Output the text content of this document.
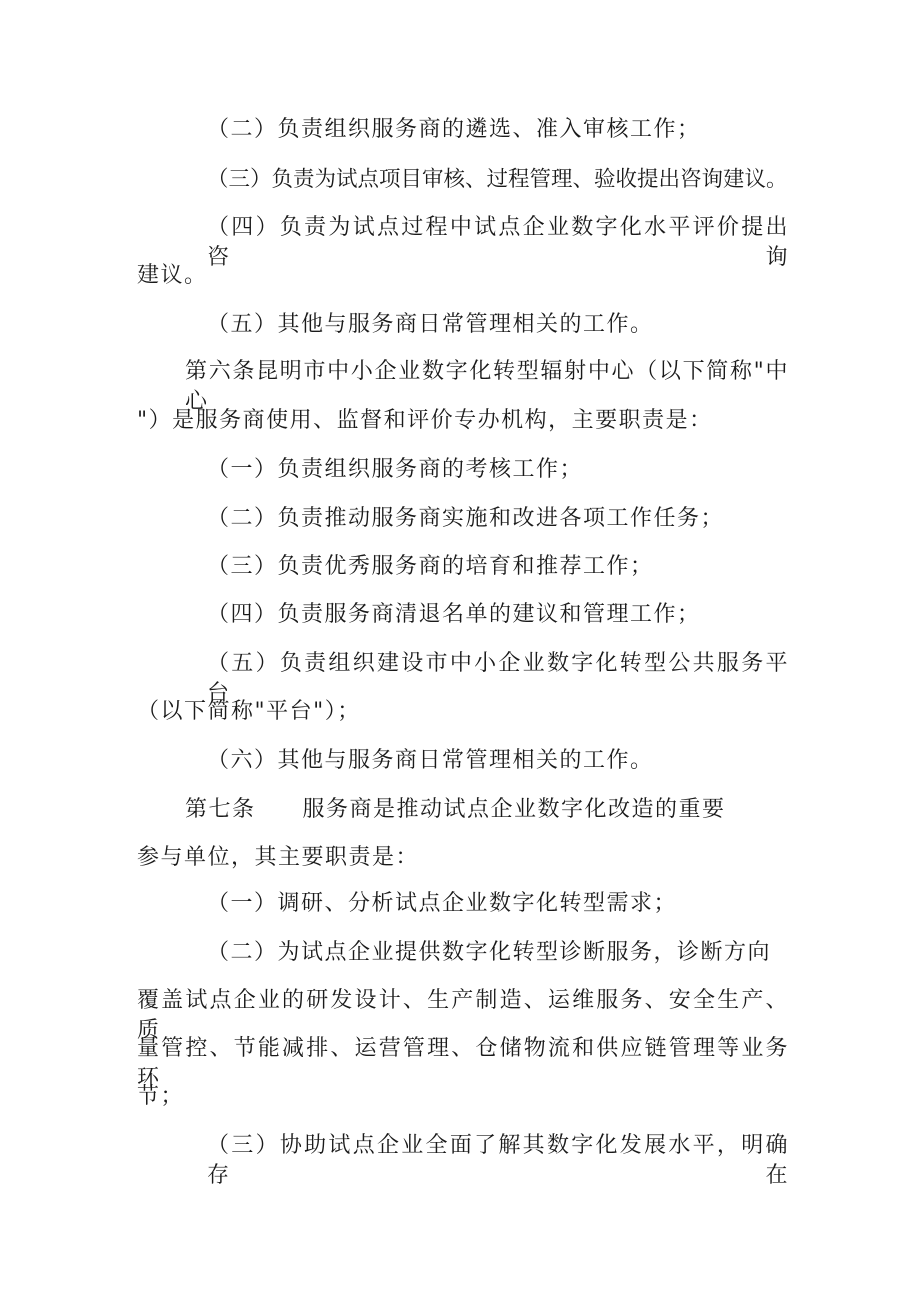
（二）负责组织服务商的遴选、准入审核工作；
（三）负责为试点项目审核、过程管理、验收提出咨询建议。
（四）负责为试点过程中试点企业数字化水平评价提出咨询
建议。
（五）其他与服务商日常管理相关的工作。
第六条昆明市中小企业数字化转型辐射中心（以下简称"中心
"）是服务商使用、监督和评价专办机构，主要职责是：
（一）负责组织服务商的考核工作；
（二）负责推动服务商实施和改进各项工作任务；
（三）负责优秀服务商的培育和推荐工作；
（四）负责服务商清退名单的建议和管理工作；
（五）负责组织建设市中小企业数字化转型公共服务平台
（以下简称"平台"）；
（六）其他与服务商日常管理相关的工作。
第七条　　服务商是推动试点企业数字化改造的重要
参与单位，其主要职责是：
（一）调研、分析试点企业数字化转型需求；
（二）为试点企业提供数字化转型诊断服务，诊断方向
覆盖试点企业的研发设计、生产制造、运维服务、安全生产、质
量管控、节能减排、运营管理、仓储物流和供应链管理等业务环
节；
（三）协助试点企业全面了解其数字化发展水平，明确存在
